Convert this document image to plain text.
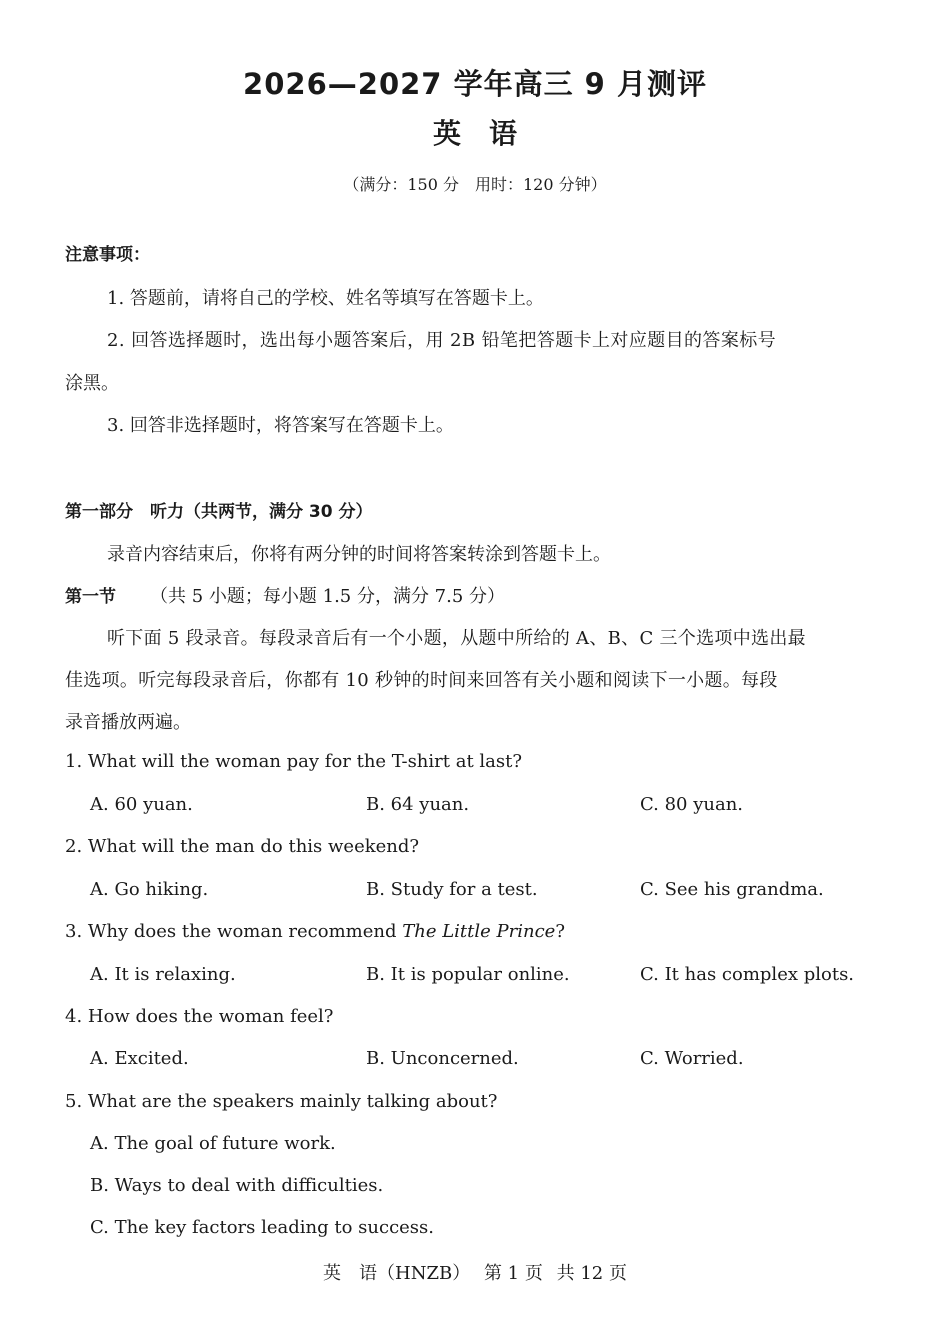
2026—2027 学年高三 9 月测评
英　语
（满分：150 分　用时：120 分钟）
注意事项：
1. 答题前，请将自己的学校、姓名等填写在答题卡上。
2. 回答选择题时，选出每小题答案后，用 2B 铅笔把答题卡上对应题目的答案标号
涂黑。
3. 回答非选择题时，将答案写在答题卡上。
第一部分　听力（共两节，满分 30 分）
录音内容结束后，你将有两分钟的时间将答案转涂到答题卡上。
第一节 （共 5 小题；每小题 1.5 分，满分 7.5 分）
听下面 5 段录音。每段录音后有一个小题，从题中所给的 A、B、C 三个选项中选出最
佳选项。听完每段录音后，你都有 10 秒钟的时间来回答有关小题和阅读下一小题。每段
录音播放两遍。
1. What will the woman pay for the T-shirt at last?
A. 60 yuan.	B. 64 yuan.	C. 80 yuan.
2. What will the man do this weekend?
A. Go hiking.	B. Study for a test.	C. See his grandma.
3. Why does the woman recommend The Little Prince?
A. It is relaxing.	B. It is popular online.	C. It has complex plots.
4. How does the woman feel?
A. Excited.	B. Unconcerned.	C. Worried.
5. What are the speakers mainly talking about?
A. The goal of future work.
B. Ways to deal with difficulties.
C. The key factors leading to success.
英　语（HNZB） 第 1 页 共 12 页
